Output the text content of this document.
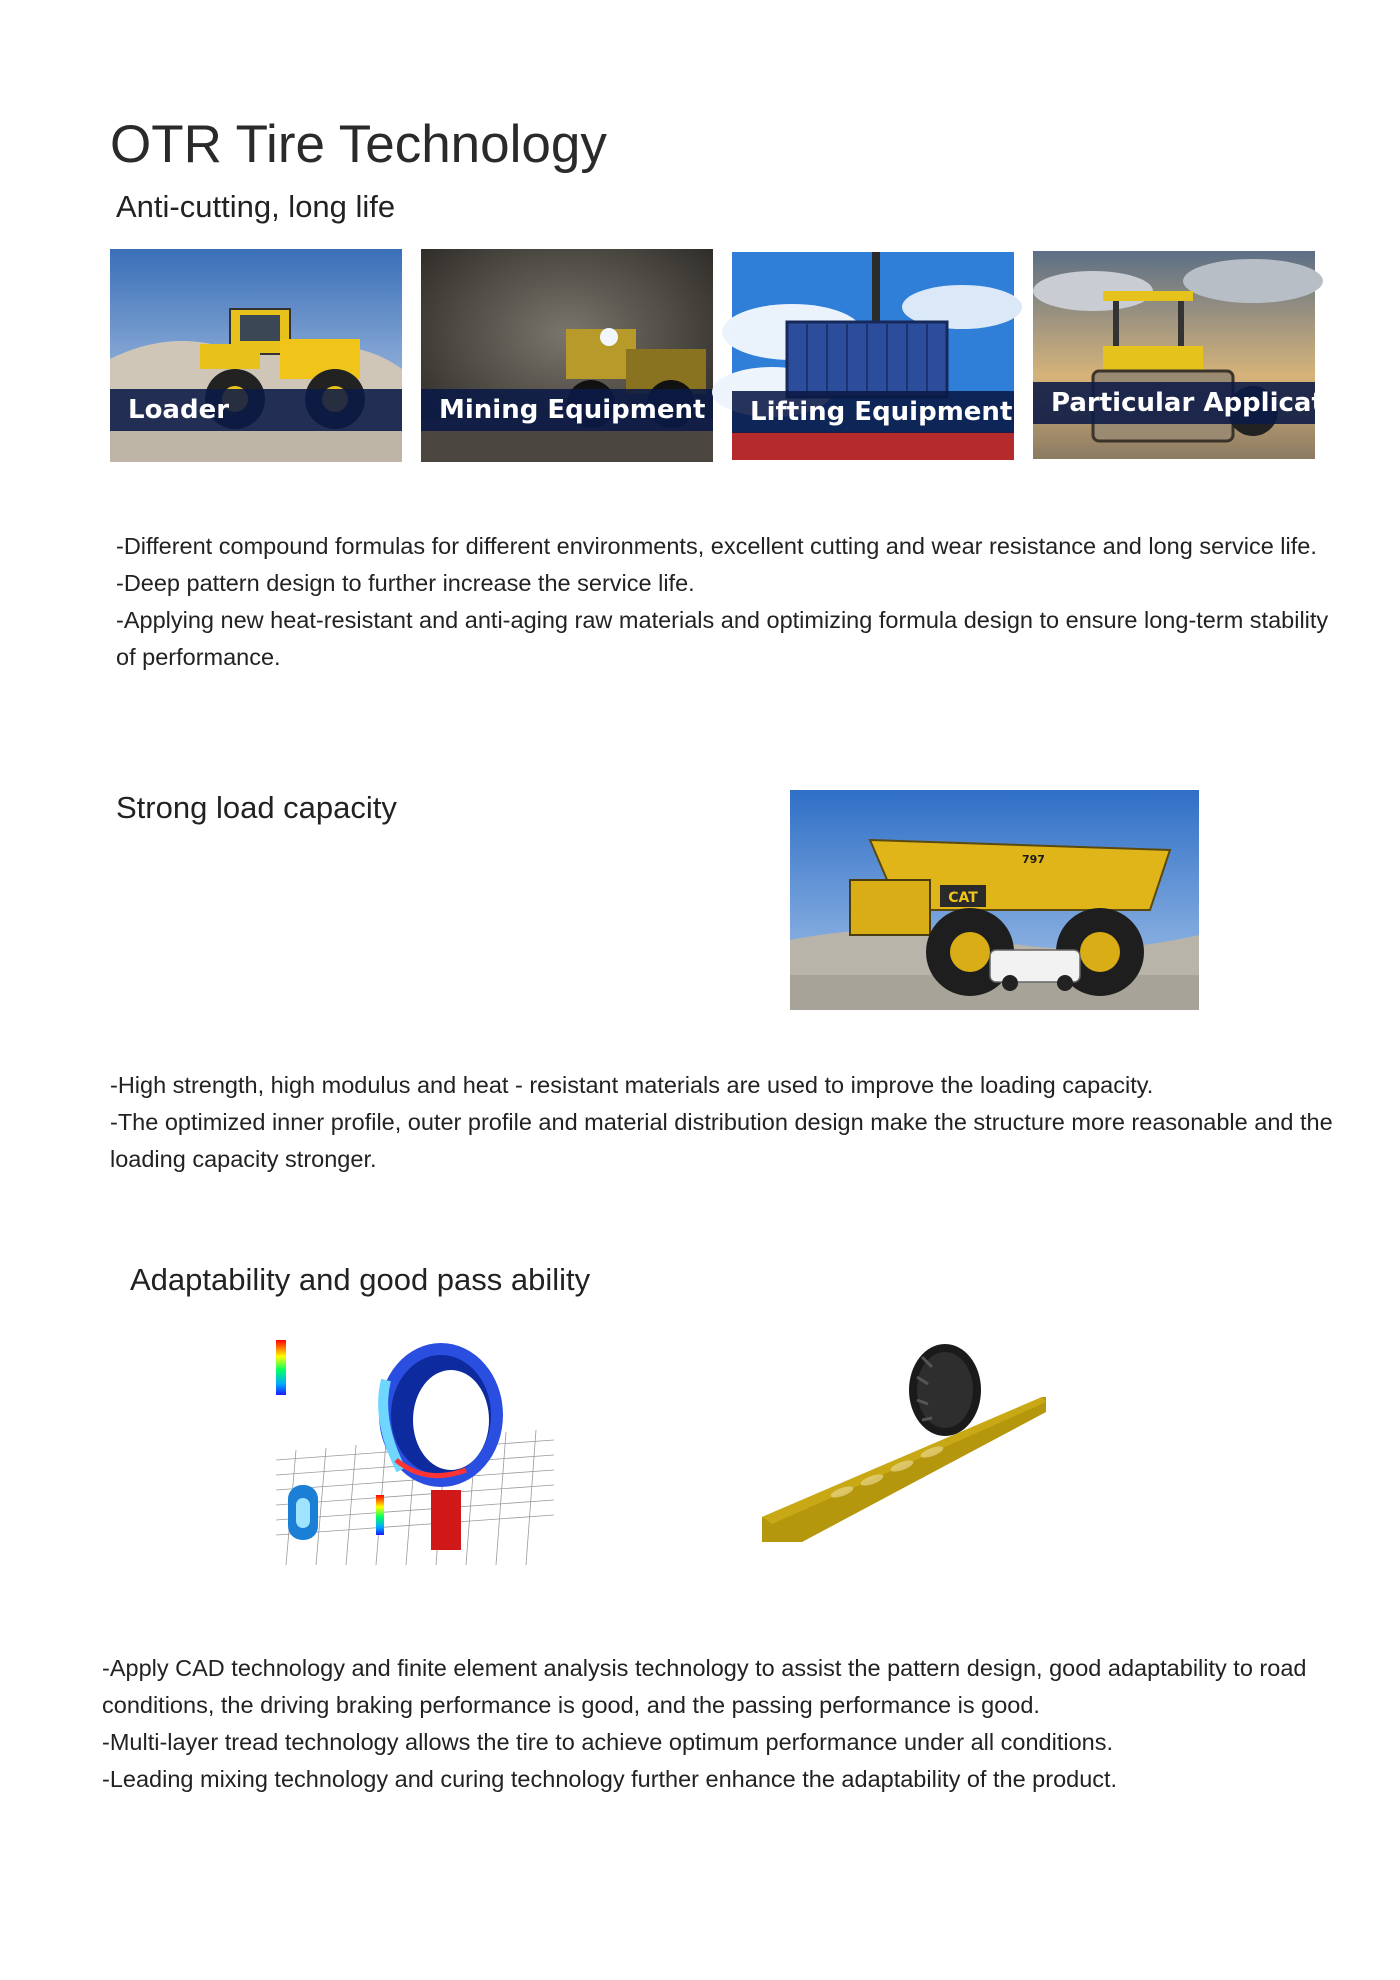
OTR Tire Technology
Anti-cutting, long life
Loader	Mining Equipment	Lifting Equipment	Particular Application

-Different compound formulas for different environments, excellent cutting and wear resistance and long service life.

-Deep pattern design to further increase the service life.

-Applying new heat-resistant and anti-aging raw materials and optimizing formula design to ensure long-term stability of performance.

Strong load capacity
CAT
797

-High strength, high modulus and heat - resistant materials are used to improve the loading capacity.

-The optimized inner profile, outer profile and material distribution design make the structure more reasonable and the loading capacity stronger.

Adaptability and good pass ability

-Apply CAD technology and finite element analysis technology to assist the pattern design, good adaptability to road conditions, the driving braking performance is good, and the passing performance is good.

-Multi-layer tread technology allows the tire to achieve optimum performance under all conditions.

-Leading mixing technology and curing technology further enhance the adaptability of the product.
